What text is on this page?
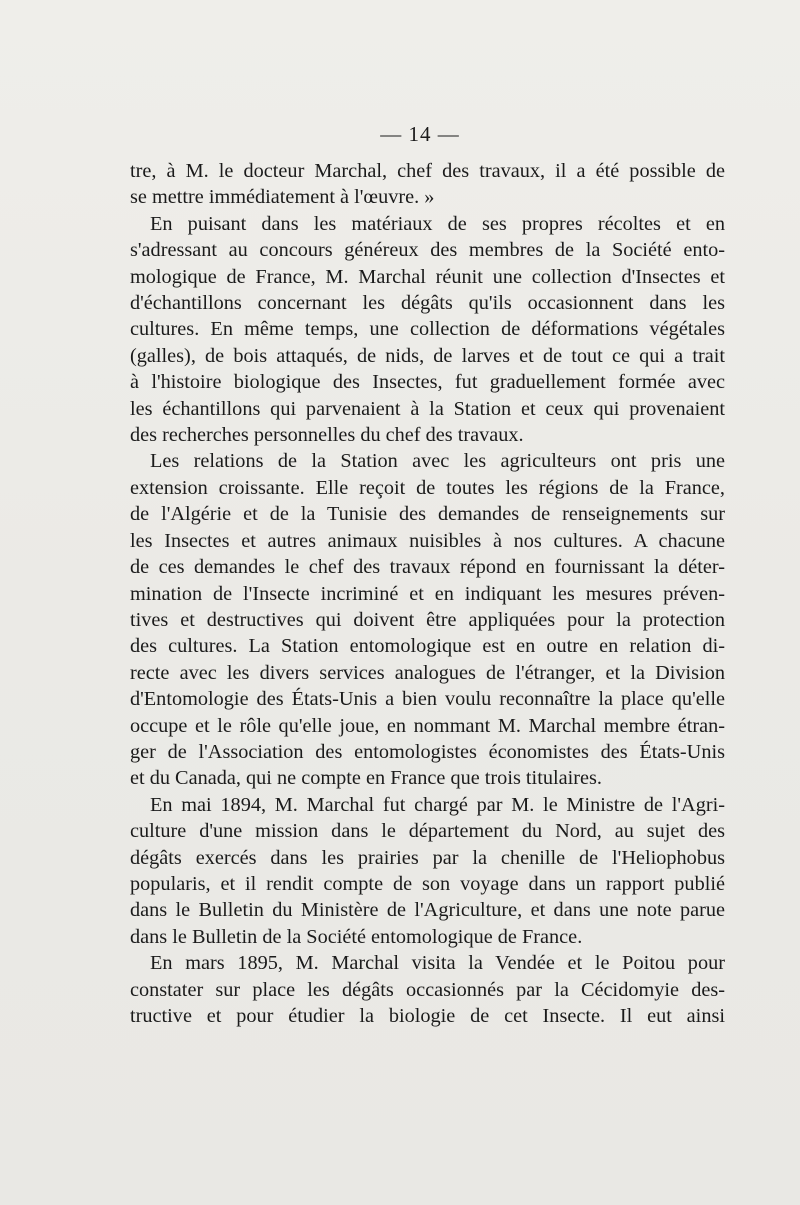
— 14 —
tre, à M. le docteur Marchal, chef des travaux, il a été possible de
se mettre immédiatement à l'œuvre. »
En puisant dans les matériaux de ses propres récoltes et en
s'adressant au concours généreux des membres de la Société ento-
mologique de France, M. Marchal réunit une collection d'Insectes et
d'échantillons concernant les dégâts qu'ils occasionnent dans les
cultures. En même temps, une collection de déformations végétales
(galles), de bois attaqués, de nids, de larves et de tout ce qui a trait
à l'histoire biologique des Insectes, fut graduellement formée avec
les échantillons qui parvenaient à la Station et ceux qui provenaient
des recherches personnelles du chef des travaux.
Les relations de la Station avec les agriculteurs ont pris une
extension croissante. Elle reçoit de toutes les régions de la France,
de l'Algérie et de la Tunisie des demandes de renseignements sur
les Insectes et autres animaux nuisibles à nos cultures. A chacune
de ces demandes le chef des travaux répond en fournissant la déter-
mination de l'Insecte incriminé et en indiquant les mesures préven-
tives et destructives qui doivent être appliquées pour la protection
des cultures. La Station entomologique est en outre en relation di-
recte avec les divers services analogues de l'étranger, et la Division
d'Entomologie des États-Unis a bien voulu reconnaître la place qu'elle
occupe et le rôle qu'elle joue, en nommant M. Marchal membre étran-
ger de l'Association des entomologistes économistes des États-Unis
et du Canada, qui ne compte en France que trois titulaires.
En mai 1894, M. Marchal fut chargé par M. le Ministre de l'Agri-
culture d'une mission dans le département du Nord, au sujet des
dégâts exercés dans les prairies par la chenille de l'Heliophobus
popularis, et il rendit compte de son voyage dans un rapport publié
dans le Bulletin du Ministère de l'Agriculture, et dans une note parue
dans le Bulletin de la Société entomologique de France.
En mars 1895, M. Marchal visita la Vendée et le Poitou pour
constater sur place les dégâts occasionnés par la Cécidomyie des-
tructive et pour étudier la biologie de cet Insecte. Il eut ainsi
